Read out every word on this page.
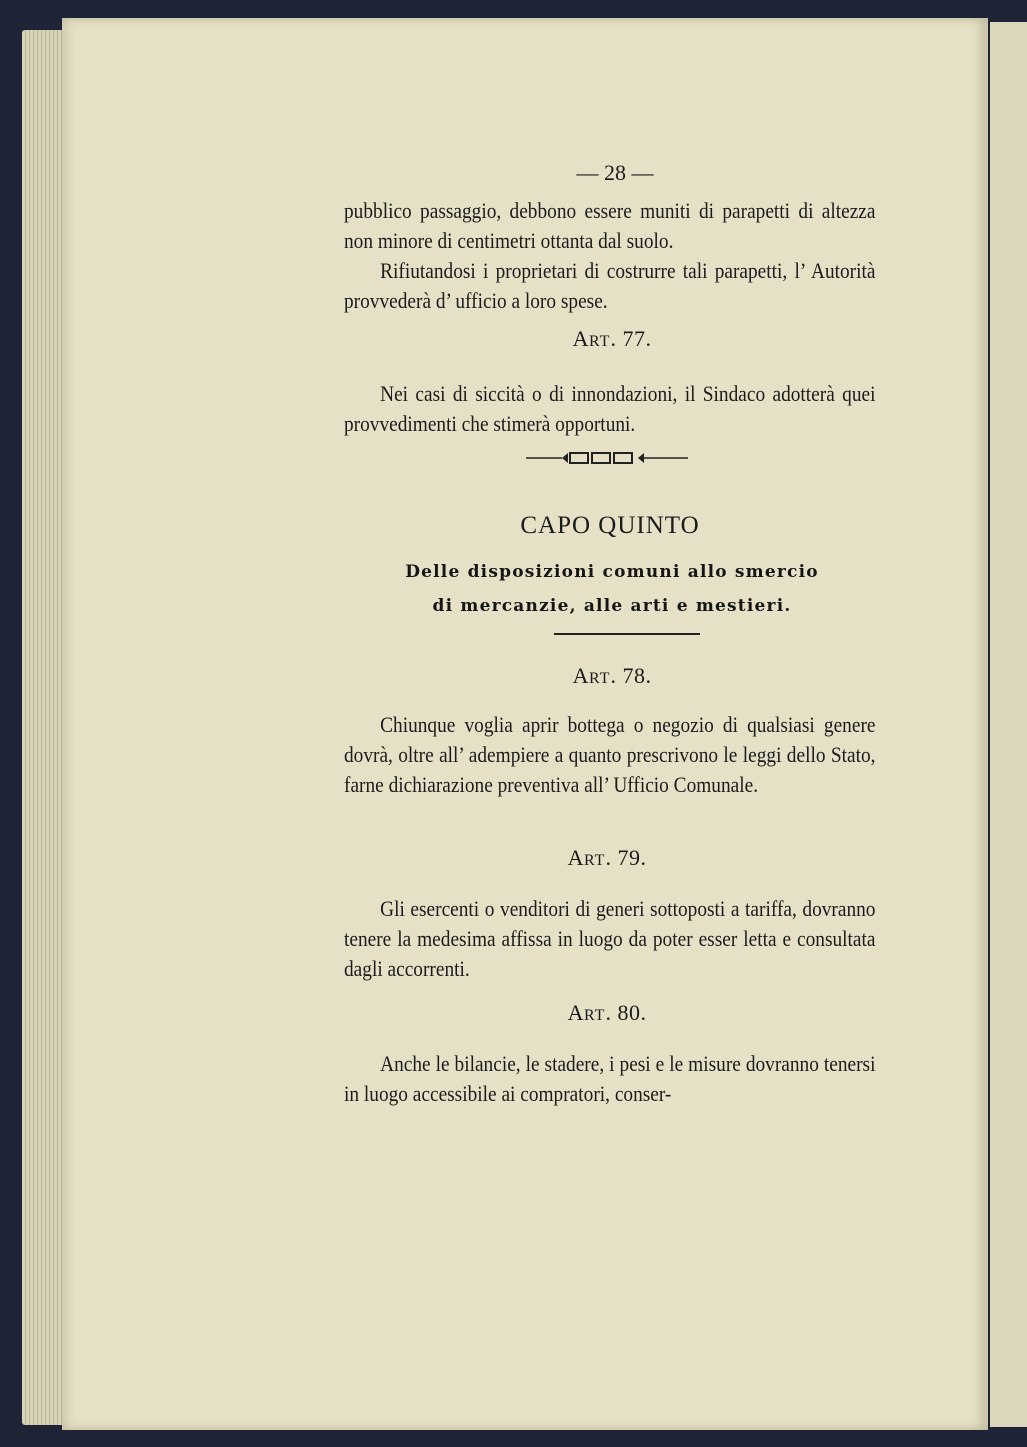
— 28 —

pubblico passaggio, debbono essere muniti di parapetti di altezza non minore di centimetri ottanta dal suolo.

Rifiutandosi i proprietari di costrurre tali parapetti, l’ Autorità provvederà d’ ufficio a loro spese.

ART. 77.

Nei casi di siccità o di innondazioni, il Sindaco adotterà quei provvedimenti che stimerà opportuni.

CAPO QUINTO
Delle disposizioni comuni allo smercio
di mercanzie, alle arti e mestieri.
ART. 78.

Chiunque voglia aprir bottega o negozio di qualsiasi genere dovrà, oltre all’ adempiere a quanto prescrivono le leggi dello Stato, farne dichiarazione preventiva all’ Ufficio Comunale.

ART. 79.

Gli esercenti o venditori di generi sottoposti a tariffa, dovranno tenere la medesima affissa in luogo da poter esser letta e consultata dagli accorrenti.

ART. 80.

Anche le bilancie, le stadere, i pesi e le misure dovranno tenersi in luogo accessibile ai compratori, conser-
